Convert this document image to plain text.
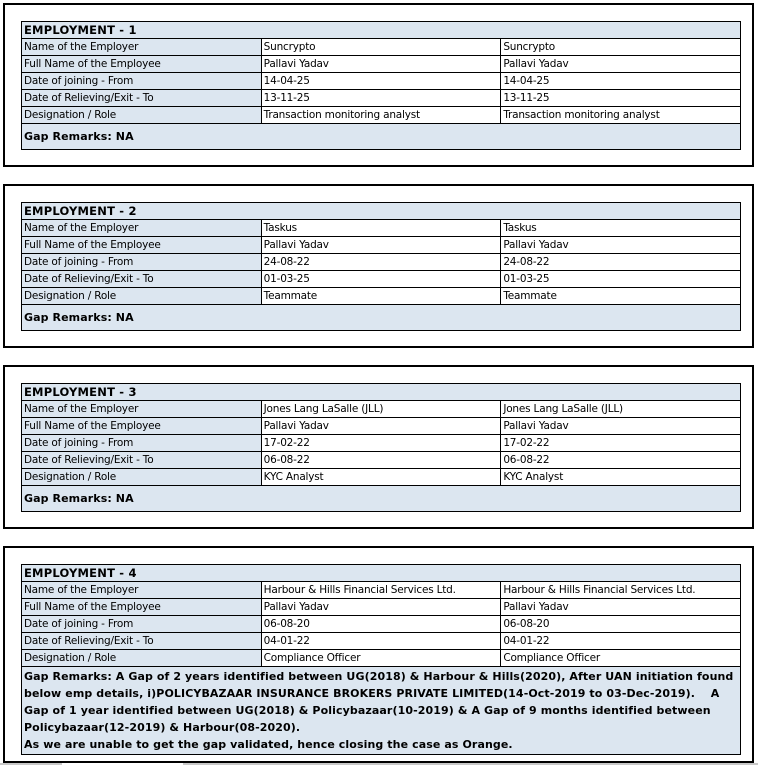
EMPLOYMENT - 1		
Name of the Employer	Suncrypto	Suncrypto
Full Name of the Employee	Pallavi Yadav	Pallavi Yadav
Date of joining - From	14-04-25	14-04-25
Date of Relieving/Exit - To	13-11-25	13-11-25
Designation / Role	Transaction monitoring analyst	Transaction monitoring analyst
Gap Remarks: NA		
EMPLOYMENT - 2		
Name of the Employer	Taskus	Taskus
Full Name of the Employee	Pallavi Yadav	Pallavi Yadav
Date of joining - From	24-08-22	24-08-22
Date of Relieving/Exit - To	01-03-25	01-03-25
Designation / Role	Teammate	Teammate
Gap Remarks: NA		
EMPLOYMENT - 3		
Name of the Employer	Jones Lang LaSalle (JLL)	Jones Lang LaSalle (JLL)
Full Name of the Employee	Pallavi Yadav	Pallavi Yadav
Date of joining - From	17-02-22	17-02-22
Date of Relieving/Exit - To	06-08-22	06-08-22
Designation / Role	KYC Analyst	KYC Analyst
Gap Remarks: NA		
EMPLOYMENT - 4		
Name of the Employer	Harbour & Hills Financial Services Ltd.	Harbour & Hills Financial Services Ltd.
Full Name of the Employee	Pallavi Yadav	Pallavi Yadav
Date of joining - From	06-08-20	06-08-20
Date of Relieving/Exit - To	04-01-22	04-01-22
Designation / Role	Compliance Officer	Compliance Officer

Gap Remarks: A Gap of 2 years identified between UG(2018) & Harbour & Hills(2020), After UAN initiation found
below emp details, i)POLICYBAZAAR INSURANCE BROKERS PRIVATE LIMITED(14-Oct-2019 to 03-Dec-2019).    A
Gap of 1 year identified between UG(2018) & Policybazaar(10-2019) & A Gap of 9 months identified between
Policybazaar(12-2019) & Harbour(08-2020).
As we are unable to get the gap validated, hence closing the case as Orange.		
